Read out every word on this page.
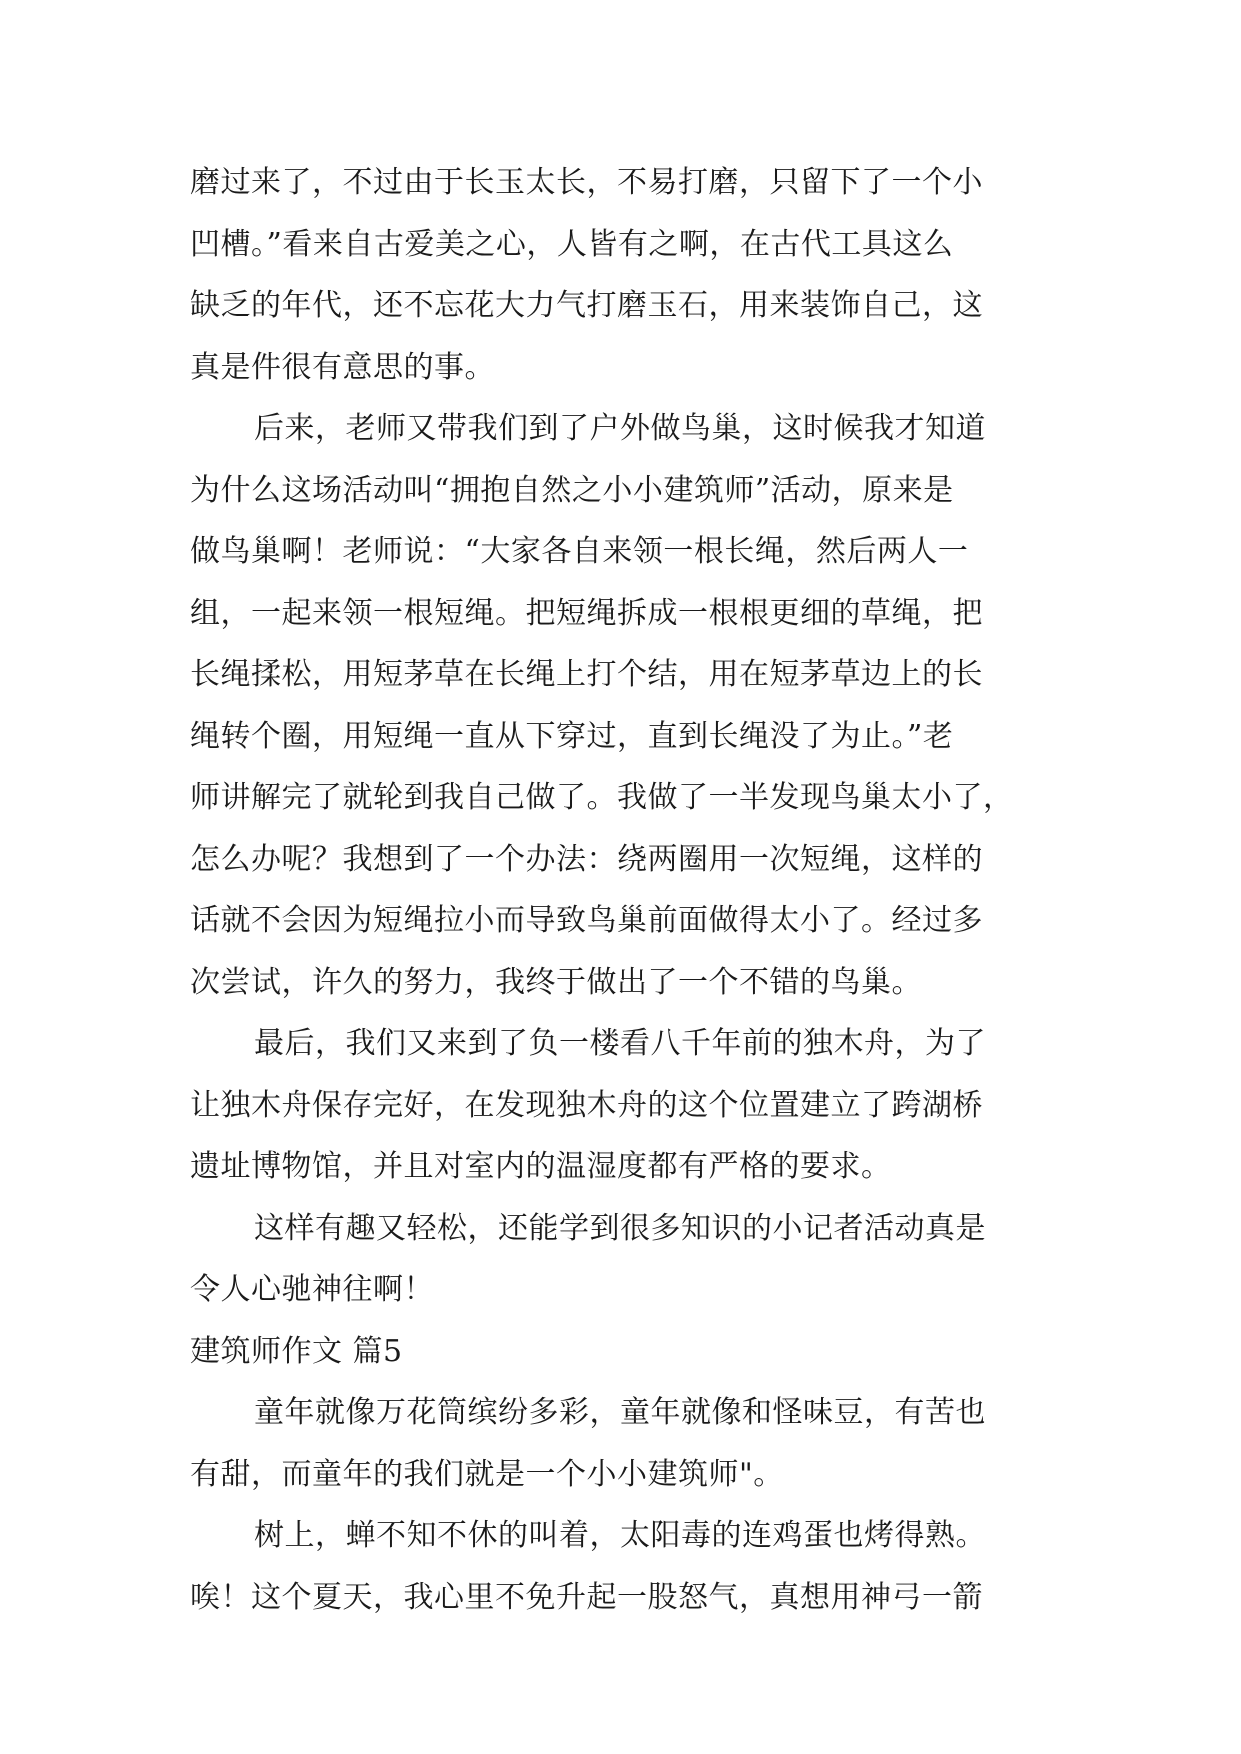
磨过来了，不过由于长玉太长，不易打磨，只留下了一个小
凹槽。”看来自古爱美之心，人皆有之啊，在古代工具这么
缺乏的年代，还不忘花大力气打磨玉石，用来装饰自己，这
真是件很有意思的事。
后来，老师又带我们到了户外做鸟巢，这时候我才知道
为什么这场活动叫“拥抱自然之小小建筑师”活动，原来是
做鸟巢啊！老师说：“大家各自来领一根长绳，然后两人一
组，一起来领一根短绳。把短绳拆成一根根更细的草绳，把
长绳揉松，用短茅草在长绳上打个结，用在短茅草边上的长
绳转个圈，用短绳一直从下穿过，直到长绳没了为止。”老
师讲解完了就轮到我自己做了。我做了一半发现鸟巢太小了，
怎么办呢？我想到了一个办法：绕两圈用一次短绳，这样的
话就不会因为短绳拉小而导致鸟巢前面做得太小了。经过多
次尝试，许久的努力，我终于做出了一个不错的鸟巢。
最后，我们又来到了负一楼看八千年前的独木舟，为了
让独木舟保存完好，在发现独木舟的这个位置建立了跨湖桥
遗址博物馆，并且对室内的温湿度都有严格的要求。
这样有趣又轻松，还能学到很多知识的小记者活动真是
令人心驰神往啊！
建筑师作文 篇5
童年就像万花筒缤纷多彩，童年就像和怪味豆，有苦也
有甜，而童年的我们就是一个小小建筑师"。
树上，蝉不知不休的叫着，太阳毒的连鸡蛋也烤得熟。
唉！这个夏天，我心里不免升起一股怒气，真想用神弓一箭
